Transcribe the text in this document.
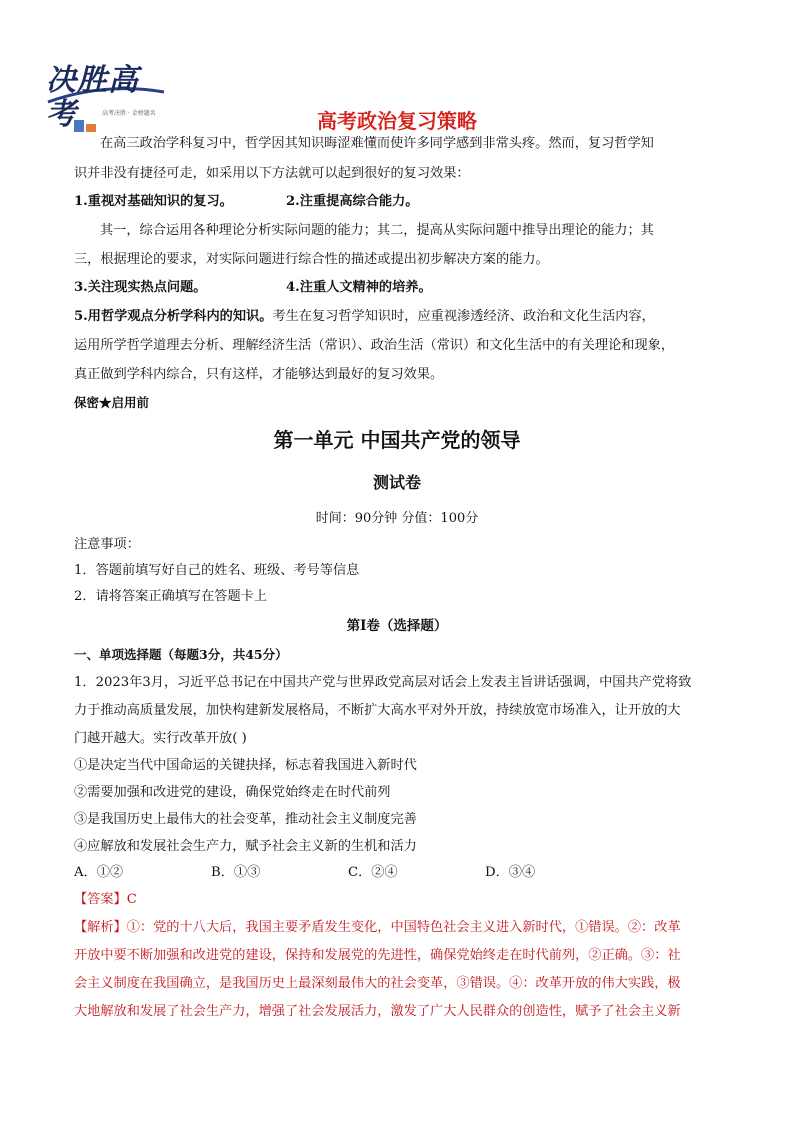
决胜高考	高考决胜 · 金榜题名	高考政治复习策略
在高三政治学科复习中，哲学因其知识晦涩难懂而使许多同学感到非常头疼。然而，复习哲学知
识并非没有捷径可走，如采用以下方法就可以起到很好的复习效果：
1.重视对基础知识的复习。	2.注重提高综合能力。
其一，综合运用各种理论分析实际问题的能力；其二，提高从实际问题中推导出理论的能力；其
三，根据理论的要求，对实际问题进行综合性的描述或提出初步解决方案的能力。
3.关注现实热点问题。	4.注重人文精神的培养。
5.用哲学观点分析学科内的知识。考生在复习哲学知识时，应重视渗透经济、政治和文化生活内容，
运用所学哲学道理去分析、理解经济生活（常识）、政治生活（常识）和文化生活中的有关理论和现象，
真正做到学科内综合，只有这样，才能够达到最好的复习效果。
保密★启用前
第一单元 中国共产党的领导
测试卷
时间：90分钟 分值：100分
注意事项：
1．答题前填写好自己的姓名、班级、考号等信息
2．请将答案正确填写在答题卡上
第I卷（选择题）
一、单项选择题（每题3分，共45分）
1．2023年3月，习近平总书记在中国共产党与世界政党高层对话会上发表主旨讲话强调，中国共产党将致
力于推动高质量发展，加快构建新发展格局，不断扩大高水平对外开放，持续放宽市场准入，让开放的大
门越开越大。实行改革开放( )
①是决定当代中国命运的关键抉择，标志着我国进入新时代
②需要加强和改进党的建设，确保党始终走在时代前列
③是我国历史上最伟大的社会变革，推动社会主义制度完善
④应解放和发展社会生产力，赋予社会主义新的生机和活力
A．①②	B．①③	C．②④	D．③④
【答案】C
【解析】①：党的十八大后，我国主要矛盾发生变化，中国特色社会主义进入新时代，①错误。②：改革
开放中要不断加强和改进党的建设，保持和发展党的先进性，确保党始终走在时代前列，②正确。③：社
会主义制度在我国确立，是我国历史上最深刻最伟大的社会变革，③错误。④：改革开放的伟大实践，极
大地解放和发展了社会生产力，增强了社会发展活力，激发了广大人民群众的创造性，赋予了社会主义新
